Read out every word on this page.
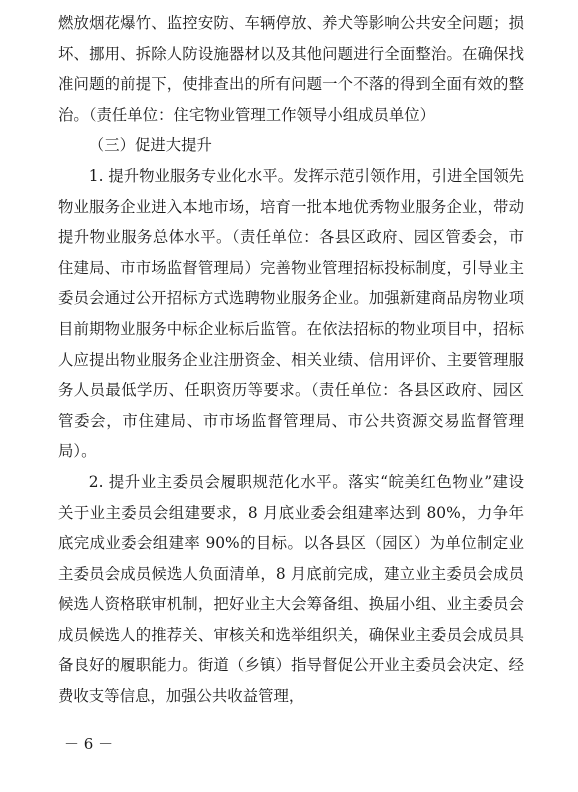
燃放烟花爆竹、监控安防、车辆停放、养犬等影响公共安全问题；损坏、挪用、拆除人防设施器材以及其他问题进行全面整治。在确保找准问题的前提下，使排查出的所有问题一个不落的得到全面有效的整治。（责任单位：住宅物业管理工作领导小组成员单位）

（三）促进大提升

1. 提升物业服务专业化水平。发挥示范引领作用，引进全国领先物业服务企业进入本地市场，培育一批本地优秀物业服务企业，带动提升物业服务总体水平。（责任单位：各县区政府、园区管委会，市住建局、市市场监督管理局）完善物业管理招标投标制度，引导业主委员会通过公开招标方式选聘物业服务企业。加强新建商品房物业项目前期物业服务中标企业标后监管。在依法招标的物业项目中，招标人应提出物业服务企业注册资金、相关业绩、信用评价、主要管理服务人员最低学历、任职资历等要求。（责任单位：各县区政府、园区管委会，市住建局、市市场监督管理局、市公共资源交易监督管理局）。

2. 提升业主委员会履职规范化水平。落实“皖美红色物业”建设关于业主委员会组建要求，8 月底业委会组建率达到 80%，力争年底完成业委会组建率 90%的目标。以各县区（园区）为单位制定业主委员会成员候选人负面清单，8 月底前完成，建立业主委员会成员候选人资格联审机制，把好业主大会筹备组、换届小组、业主委员会成员候选人的推荐关、审核关和选举组织关，确保业主委员会成员具备良好的履职能力。街道（乡镇）指导督促公开业主委员会决定、经费收支等信息，加强公共收益管理，

－ 6 －
